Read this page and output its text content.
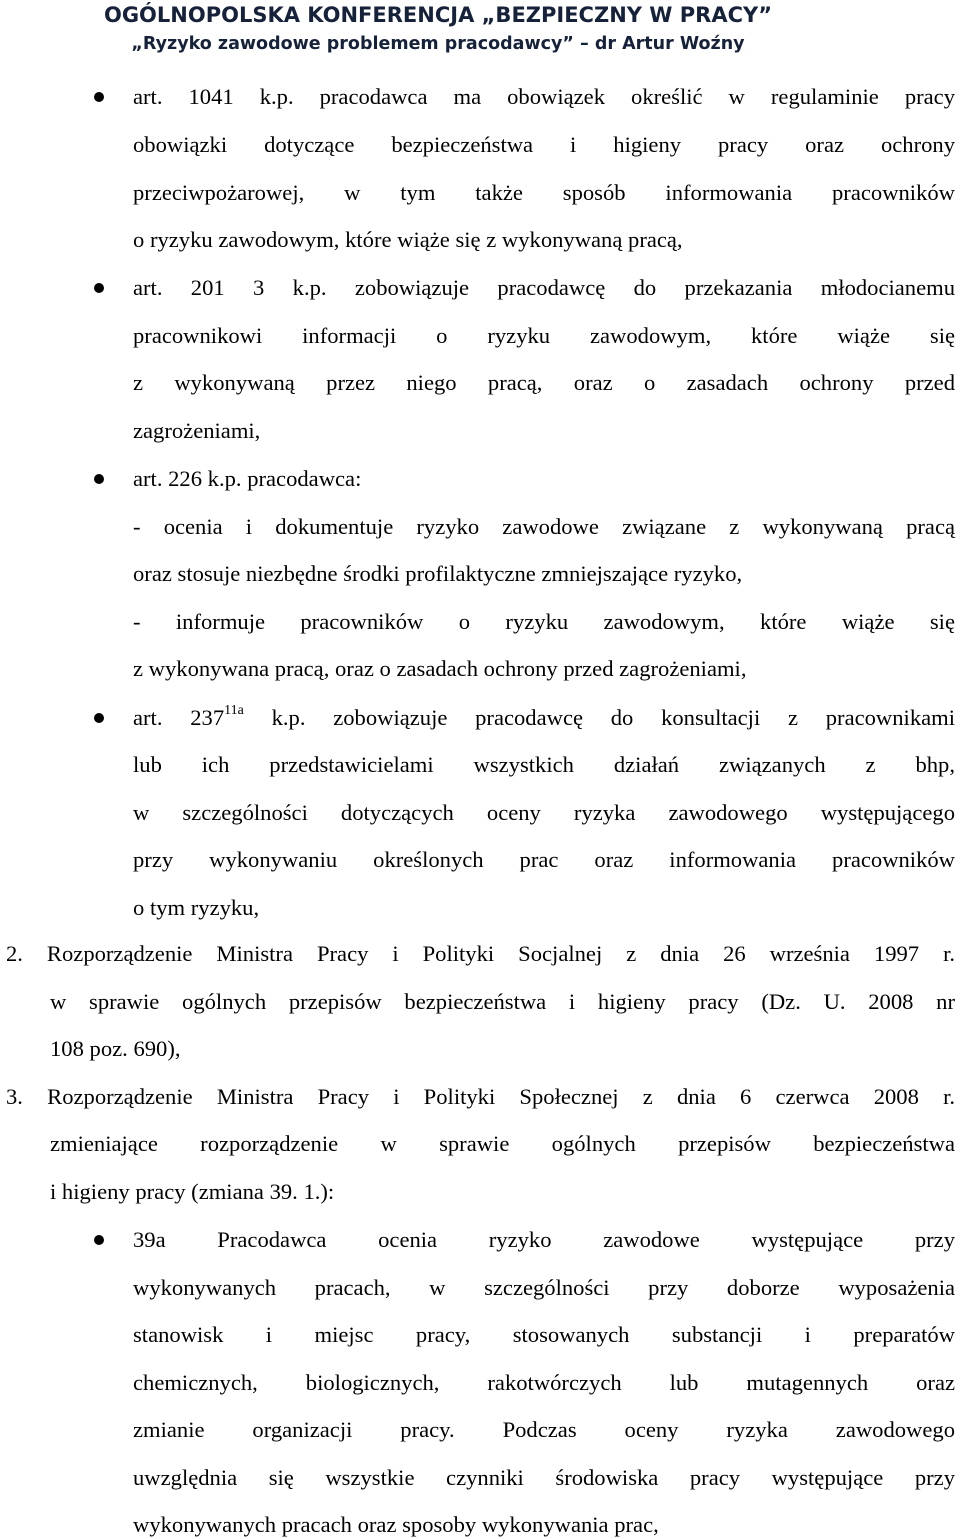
OGÓLNOPOLSKA KONFERENCJA „BEZPIECZNY W PRACY”
„Ryzyko zawodowe problemem pracodawcy” – dr Artur Woźny
art. 1041 k.p. pracodawca ma obowiązek określić w regulaminie pracy
obowiązki dotyczące bezpieczeństwa i higieny pracy oraz ochrony
przeciwpożarowej, w tym także sposób informowania pracowników
o ryzyku zawodowym, które wiąże się z wykonywaną pracą,
art. 201 3 k.p. zobowiązuje pracodawcę do przekazania młodocianemu
pracownikowi informacji o ryzyku zawodowym, które wiąże się
z wykonywaną przez niego pracą, oraz o zasadach ochrony przed
zagrożeniami,
art. 226 k.p. pracodawca:
- ocenia i dokumentuje ryzyko zawodowe związane z wykonywaną pracą
oraz stosuje niezbędne środki profilaktyczne zmniejszające ryzyko,
- informuje pracowników o ryzyku zawodowym, które wiąże się
z wykonywana pracą, oraz o zasadach ochrony przed zagrożeniami,
art. $237^{11a}$ k.p. zobowiązuje pracodawcę do konsultacji z pracownikami
lub ich przedstawicielami wszystkich działań związanych z bhp,
w szczególności dotyczących oceny ryzyka zawodowego występującego
przy wykonywaniu określonych prac oraz informowania pracowników
o tym ryzyku,
2. Rozporządzenie Ministra Pracy i Polityki Socjalnej z dnia 26 września 1997 r.
w sprawie ogólnych przepisów bezpieczeństwa i higieny pracy (Dz. U. 2008 nr
108 poz. 690),
3. Rozporządzenie Ministra Pracy i Polityki Społecznej z dnia 6 czerwca 2008 r.
zmieniające rozporządzenie w sprawie ogólnych przepisów bezpieczeństwa
i higieny pracy (zmiana 39. 1.):
39a Pracodawca ocenia ryzyko zawodowe występujące przy
wykonywanych pracach, w szczególności przy doborze wyposażenia
stanowisk i miejsc pracy, stosowanych substancji i preparatów
chemicznych, biologicznych, rakotwórczych lub mutagennych oraz
zmianie organizacji pracy. Podczas oceny ryzyka zawodowego
uwzględnia się wszystkie czynniki środowiska pracy występujące przy
wykonywanych pracach oraz sposoby wykonywania prac,
